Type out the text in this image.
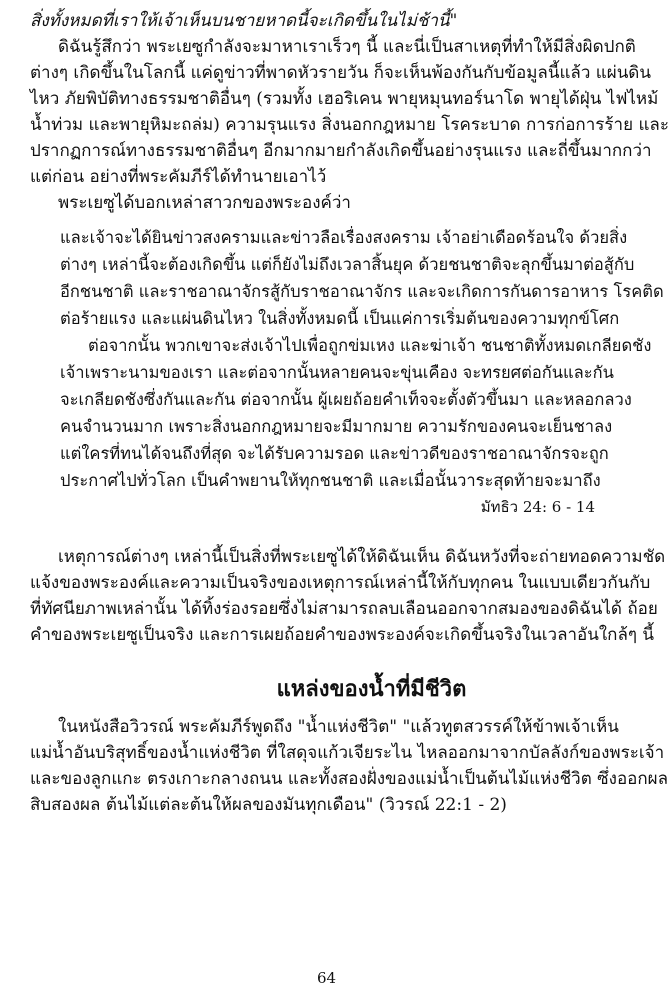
สิ่งทั้งหมดที่เราให้เจ้าเห็นบนชายหาดนี้จะเกิดขึ้นในไม่ช้านี้"
ดิฉันรู้สึกว่า พระเยซูกำลังจะมาหาเราเร็วๆ นี้ และนี่เป็นสาเหตุที่ทำให้มีสิ่งผิดปกติ
ต่างๆ เกิดขึ้นในโลกนี้ แค่ดูข่าวที่พาดหัวรายวัน ก็จะเห็นพ้องกันกับข้อมูลนี้แล้ว แผ่นดิน
ไหว ภัยพิบัติทางธรรมชาติอื่นๆ (รวมทั้ง เฮอริเคน พายุหมุนทอร์นาโด พายุได้ฝุ่น ไฟไหม้
น้ำท่วม และพายุหิมะถล่ม) ความรุนแรง สิ่งนอกกฎหมาย โรคระบาด การก่อการร้าย และ
ปรากฏการณ์ทางธรรมชาติอื่นๆ อีกมากมายกำลังเกิดขึ้นอย่างรุนแรง และถี่ขึ้นมากกว่า
แต่ก่อน อย่างที่พระคัมภีร์ได้ทำนายเอาไว้
พระเยซูได้บอกเหล่าสาวกของพระองค์ว่า
และเจ้าจะได้ยินข่าวสงครามและข่าวลือเรื่องสงคราม เจ้าอย่าเดือดร้อนใจ ด้วยสิ่ง
ต่างๆ เหล่านี้จะต้องเกิดขึ้น แต่ก็ยังไม่ถึงเวลาสิ้นยุค ด้วยชนชาติจะลุกขึ้นมาต่อสู้กับ
อีกชนชาติ และราชอาณาจักรสู้กับราชอาณาจักร และจะเกิดการกันดารอาหาร โรคติด
ต่อร้ายแรง และแผ่นดินไหว ในสิ่งทั้งหมดนี้ เป็นแค่การเริ่มต้นของความทุกข์โศก
ต่อจากนั้น พวกเขาจะส่งเจ้าไปเพื่อถูกข่มเหง และฆ่าเจ้า ชนชาติทั้งหมดเกลียดชัง
เจ้าเพราะนามของเรา และต่อจากนั้นหลายคนจะขุ่นเคือง จะทรยศต่อกันและกัน
จะเกลียดชังซึ่งกันและกัน ต่อจากนั้น ผู้เผยถ้อยคำเท็จจะตั้งตัวขึ้นมา และหลอกลวง
คนจำนวนมาก เพราะสิ่งนอกกฎหมายจะมีมากมาย ความรักของคนจะเย็นชาลง
แต่ใครที่ทนได้จนถึงที่สุด จะได้รับความรอด และข่าวดีของราชอาณาจักรจะถูก
ประกาศไปทั่วโลก เป็นคำพยานให้ทุกชนชาติ และเมื่อนั้นวาระสุดท้ายจะมาถึง
มัทธิว 24: 6 - 14
เหตุการณ์ต่างๆ เหล่านี้เป็นสิ่งที่พระเยซูได้ให้ดิฉันเห็น ดิฉันหวังที่จะถ่ายทอดความชัด
แจ้งของพระองค์และความเป็นจริงของเหตุการณ์เหล่านี้ให้กับทุกคน ในแบบเดียวกันกับ
ที่ทัศนียภาพเหล่านั้น ได้ทิ้งร่องรอยซึ่งไม่สามารถลบเลือนออกจากสมองของดิฉันได้ ถ้อย
คำของพระเยซูเป็นจริง และการเผยถ้อยคำของพระองค์จะเกิดขึ้นจริงในเวลาอันใกล้ๆ นี้
แหล่งของน้ำที่มีชีวิต
ในหนังสือวิวรณ์ พระคัมภีร์พูดถึง "น้ำแห่งชีวิต" "แล้วทูตสวรรค์ให้ข้าพเจ้าเห็น
แม่น้ำอันบริสุทธิ์ของน้ำแห่งชีวิต ที่ใสดุจแก้วเจียระไน ไหลออกมาจากบัลลังก์ของพระเจ้า
และของลูกแกะ ตรงเกาะกลางถนน และทั้งสองฝั่งของแม่น้ำเป็นต้นไม้แห่งชีวิต ซึ่งออกผล
สิบสองผล ต้นไม้แต่ละต้นให้ผลของมันทุกเดือน" (วิวรณ์ 22:1 - 2)
64
